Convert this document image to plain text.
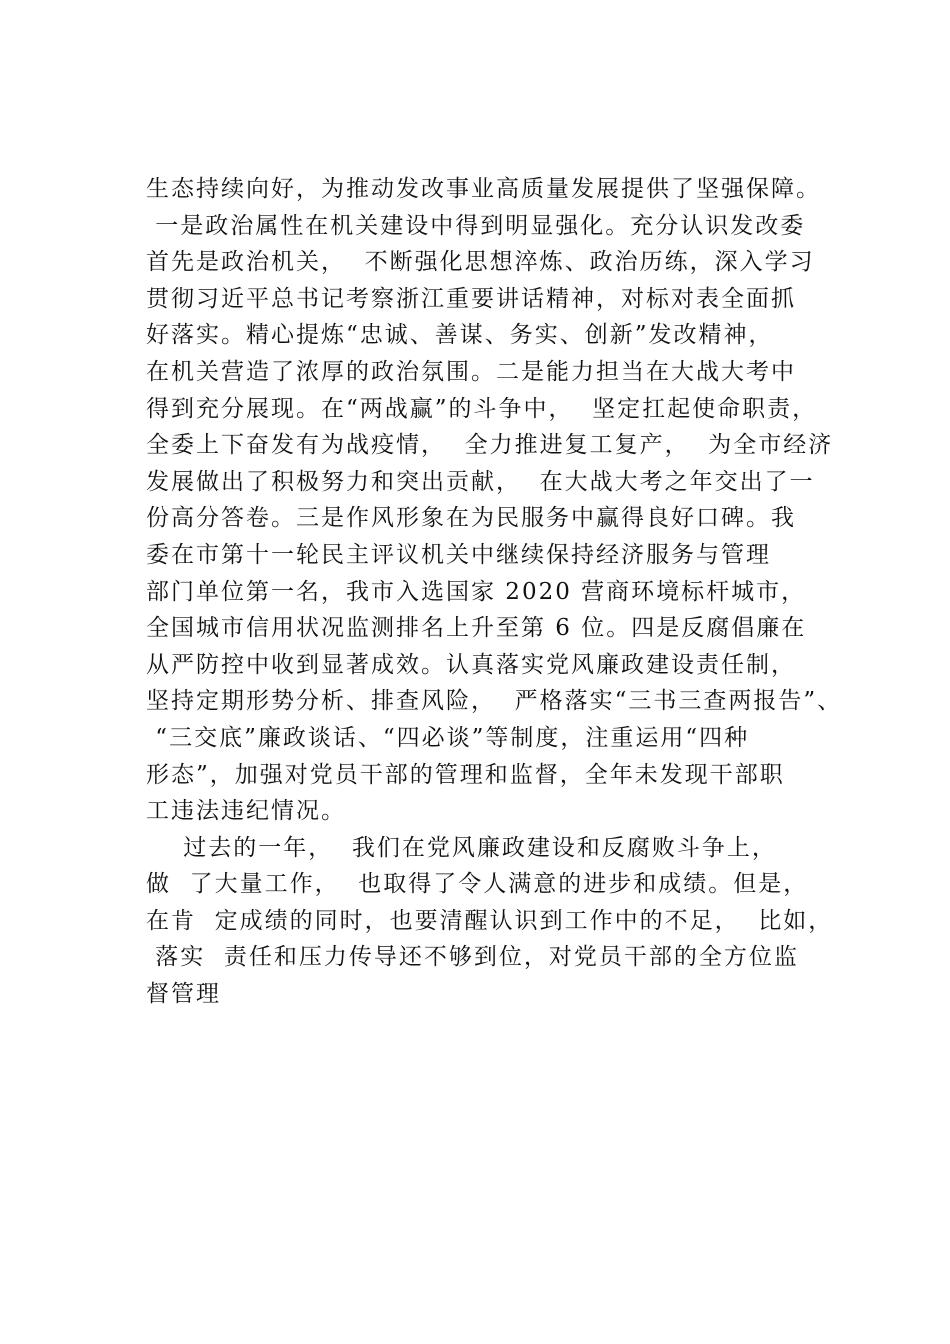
生态持续向好，为推动发改事业高质量发展提供了坚强保障。
一是政治属性在机关建设中得到明显强化。充分认识发改委
首先是政治机关，  不断强化思想淬炼、政治历练，深入学习
贯彻习近平总书记考察浙江重要讲话精神，对标对表全面抓
好落实。精心提炼“忠诚、善谋、务实、创新”发改精神，
在机关营造了浓厚的政治氛围。二是能力担当在大战大考中
得到充分展现。在“两战赢”的斗争中，  坚定扛起使命职责，
全委上下奋发有为战疫情，  全力推进复工复产，  为全市经济
发展做出了积极努力和突出贡献，  在大战大考之年交出了一
份高分答卷。三是作风形象在为民服务中赢得良好口碑。我
委在市第十一轮民主评议机关中继续保持经济服务与管理
部门单位第一名，我市入选国家 2020 营商环境标杆城市，
全国城市信用状况监测排名上升至第 6 位。四是反腐倡廉在
从严防控中收到显著成效。认真落实党风廉政建设责任制，
坚持定期形势分析、排查风险，  严格落实“三书三查两报告”、
“三交底”廉政谈话、“四必谈”等制度，注重运用“四种
形态”，加强对党员干部的管理和监督，全年未发现干部职
工违法违纪情况。
过去的一年，  我们在党风廉政建设和反腐败斗争上，
做  了大量工作，  也取得了令人满意的进步和成绩。但是，
在肯  定成绩的同时，也要清醒认识到工作中的不足，  比如，
落实  责任和压力传导还不够到位，对党员干部的全方位监
督管理
